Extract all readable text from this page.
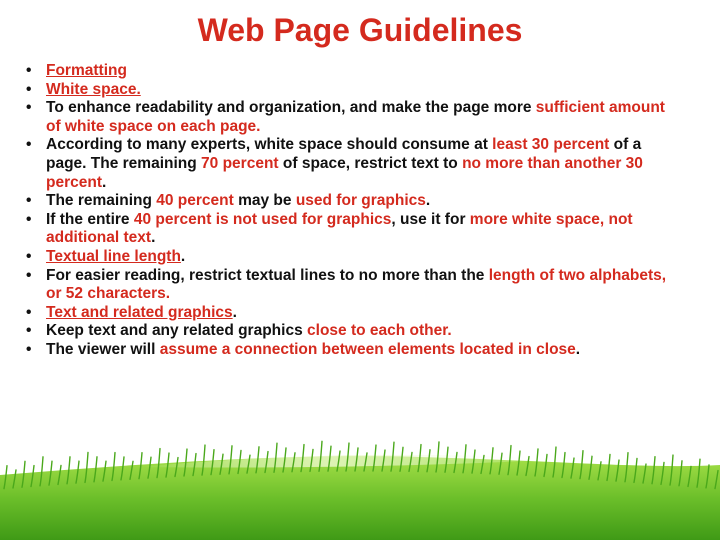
Web Page Guidelines
• Formatting
• White space.
• To enhance readability and organization, and make the page more sufficient amount of white space on each page.
• According to many experts, white space should consume at least 30 percent of a page. The remaining 70 percent of space, restrict text to no more than another 30 percent.
• The remaining 40 percent may be used for graphics.
• If the entire 40 percent is not used for graphics, use it for more white space, not additional text.
• Textual line length.
• For easier reading, restrict textual lines to no more than the length of two alphabets, or 52 characters.
• Text and related graphics.
• Keep text and any related graphics close to each other.
• The viewer will assume a connection between elements located in close.
